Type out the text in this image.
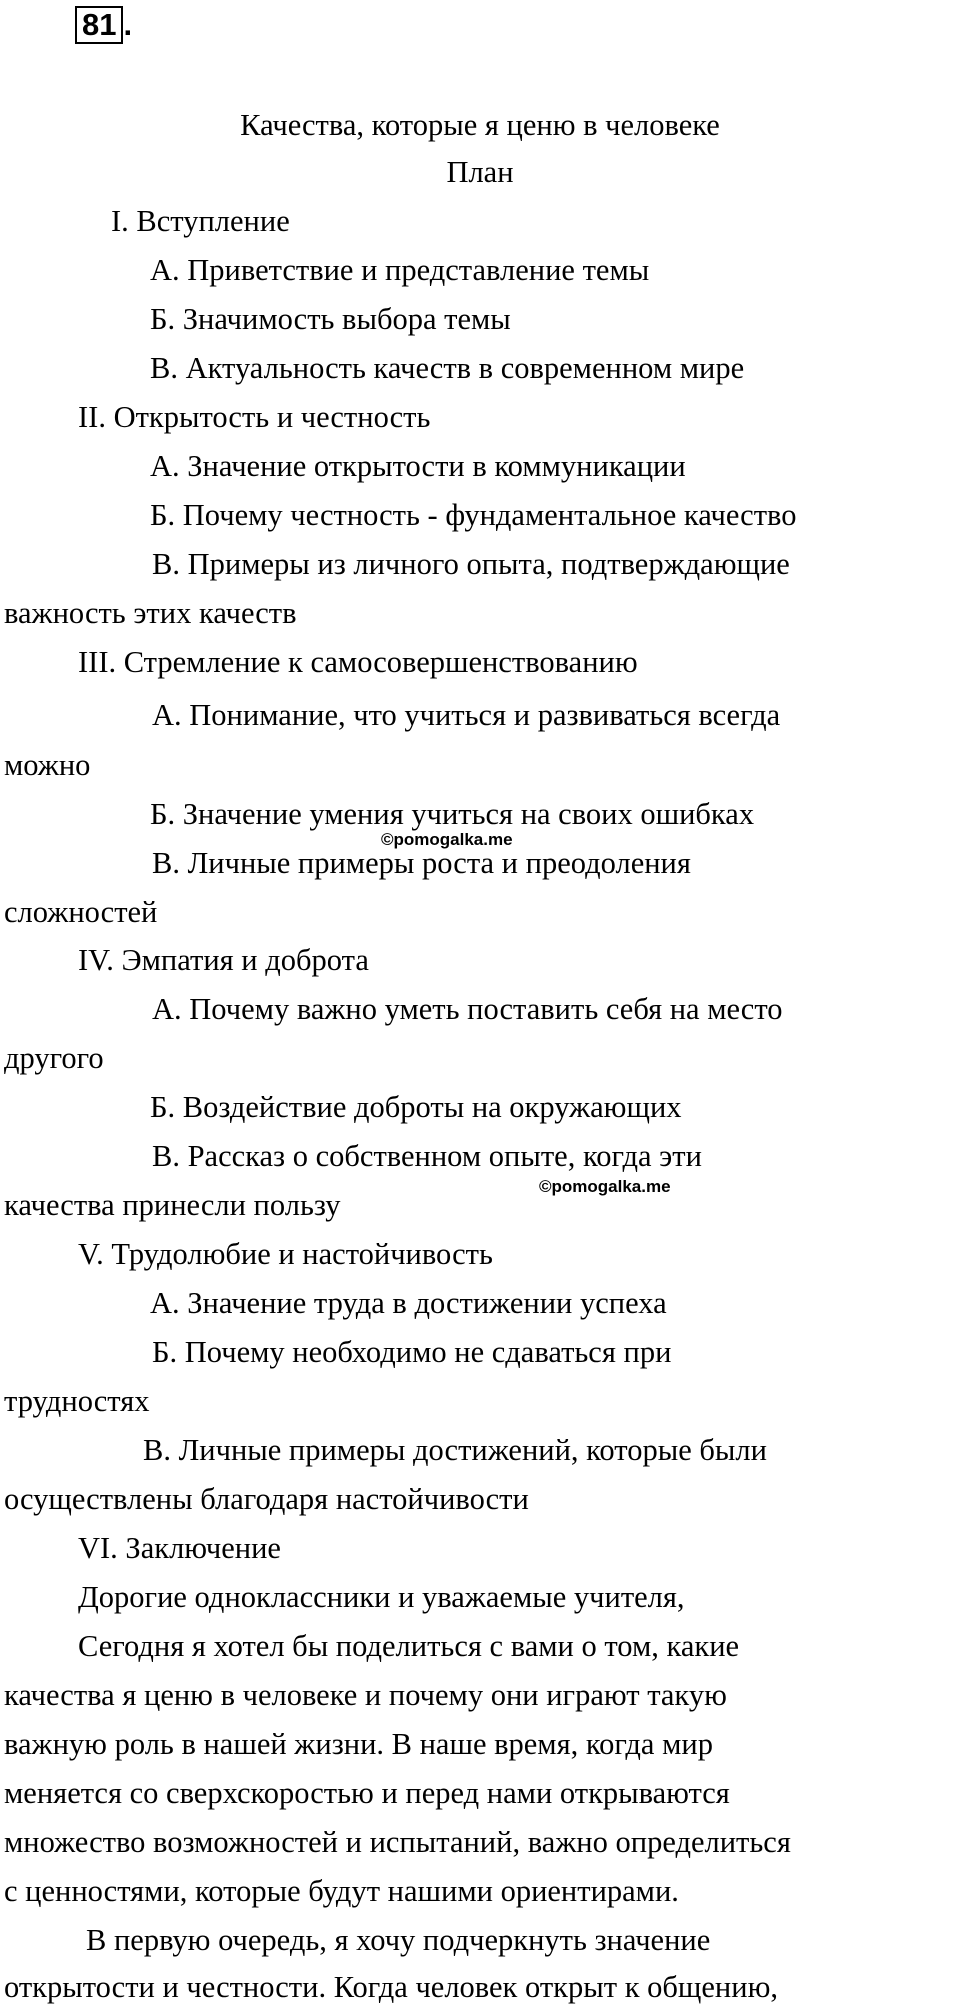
81 .
Качества, которые я ценю в человеке
План
I. Вступление
А. Приветствие и представление темы
Б. Значимость выбора темы
В. Актуальность качеств в современном мире
II. Открытость и честность
А. Значение открытости в коммуникации
Б. Почему честность - фундаментальное качество
В. Примеры из личного опыта, подтверждающие
важность этих качеств
III. Стремление к самосовершенствованию
А. Понимание, что учиться и развиваться всегда
можно
Б. Значение умения учиться на своих ошибках
В. Личные примеры роста и преодоления
сложностей
IV. Эмпатия и доброта
А. Почему важно уметь поставить себя на место
другого
Б. Воздействие доброты на окружающих
В. Рассказ о собственном опыте, когда эти
качества принесли пользу
V. Трудолюбие и настойчивость
А. Значение труда в достижении успеха
Б. Почему необходимо не сдаваться при
трудностях
В. Личные примеры достижений, которые были
осуществлены благодаря настойчивости
VI. Заключение
Дорогие одноклассники и уважаемые учителя,
Сегодня я хотел бы поделиться с вами о том, какие
качества я ценю в человеке и почему они играют такую
важную роль в нашей жизни. В наше время, когда мир
меняется со сверхскоростью и перед нами открываются
множество возможностей и испытаний, важно определиться
с ценностями, которые будут нашими ориентирами.
В первую очередь, я хочу подчеркнуть значение
открытости и честности. Когда человек открыт к общению,
©pomogalka.me
©pomogalka.me
